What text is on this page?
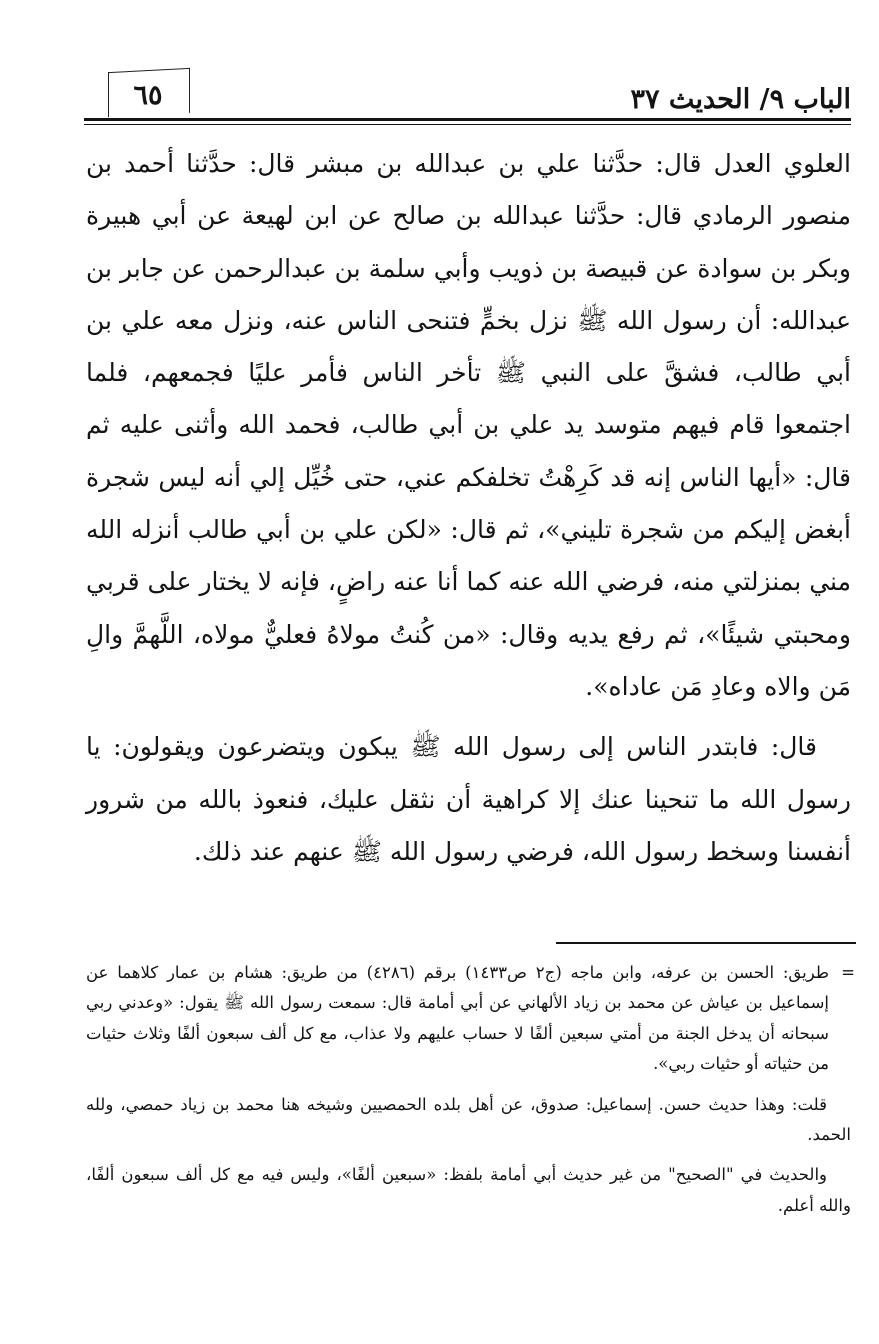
الباب ٩/ الحديث ٣٧
٦٥

العلوي العدل قال: حدَّثنا علي بن عبدالله بن مبشر قال: حدَّثنا أحمد بن منصور الرمادي قال: حدَّثنا عبدالله بن صالح عن ابن لهيعة عن أبي هبيرة وبكر بن سوادة عن قبيصة بن ذويب وأبي سلمة بن عبدالرحمن عن جابر بن عبدالله: أن رسول الله ﷺ نزل بخمٍّ فتنحى الناس عنه، ونزل معه علي بن أبي طالب، فشقَّ على النبي ﷺ تأخر الناس فأمر عليًا فجمعهم، فلما اجتمعوا قام فيهم متوسد يد علي بن أبي طالب، فحمد الله وأثنى عليه ثم قال: «أيها الناس إنه قد كَرِهْتُ تخلفكم عني، حتى خُيِّل إلي أنه ليس شجرة أبغض إليكم من شجرة تليني»، ثم قال: «لكن علي بن أبي طالب أنزله الله مني بمنزلتي منه، فرضي الله عنه كما أنا عنه راضٍ، فإنه لا يختار على قربي ومحبتي شيئًا»، ثم رفع يديه وقال: «من كُنتُ مولاهُ فعليٌّ مولاه، اللَّهمَّ والِ مَن والاه وعادِ مَن عاداه».

قال: فابتدر الناس إلى رسول الله ﷺ يبكون ويتضرعون ويقولون: يا رسول الله ما تنحينا عنك إلا كراهية أن نثقل عليك، فنعوذ بالله من شرور أنفسنا وسخط رسول الله، فرضي رسول الله ﷺ عنهم عند ذلك.

=
طريق: الحسن بن عرفه، وابن ماجه (ج٢ ص١٤٣٣) برقم (٤٢٨٦) من طريق: هشام بن عمار كلاهما عن إسماعيل بن عياش عن محمد بن زياد الألهاني عن أبي أمامة قال: سمعت رسول الله ﷺ يقول: «وعدني ربي سبحانه أن يدخل الجنة من أمتي سبعين ألفًا لا حساب عليهم ولا عذاب، مع كل ألف سبعون ألفًا وثلاث حثيات من حثياته أو حثيات ربي».

قلت: وهذا حديث حسن. إسماعيل: صدوق، عن أهل بلده الحمصيين وشيخه هنا محمد بن زياد حمصي، ولله الحمد.

والحديث في "الصحيح" من غير حديث أبي أمامة بلفظ: «سبعين ألفًا»، وليس فيه مع كل ألف سبعون ألفًا، والله أعلم.
